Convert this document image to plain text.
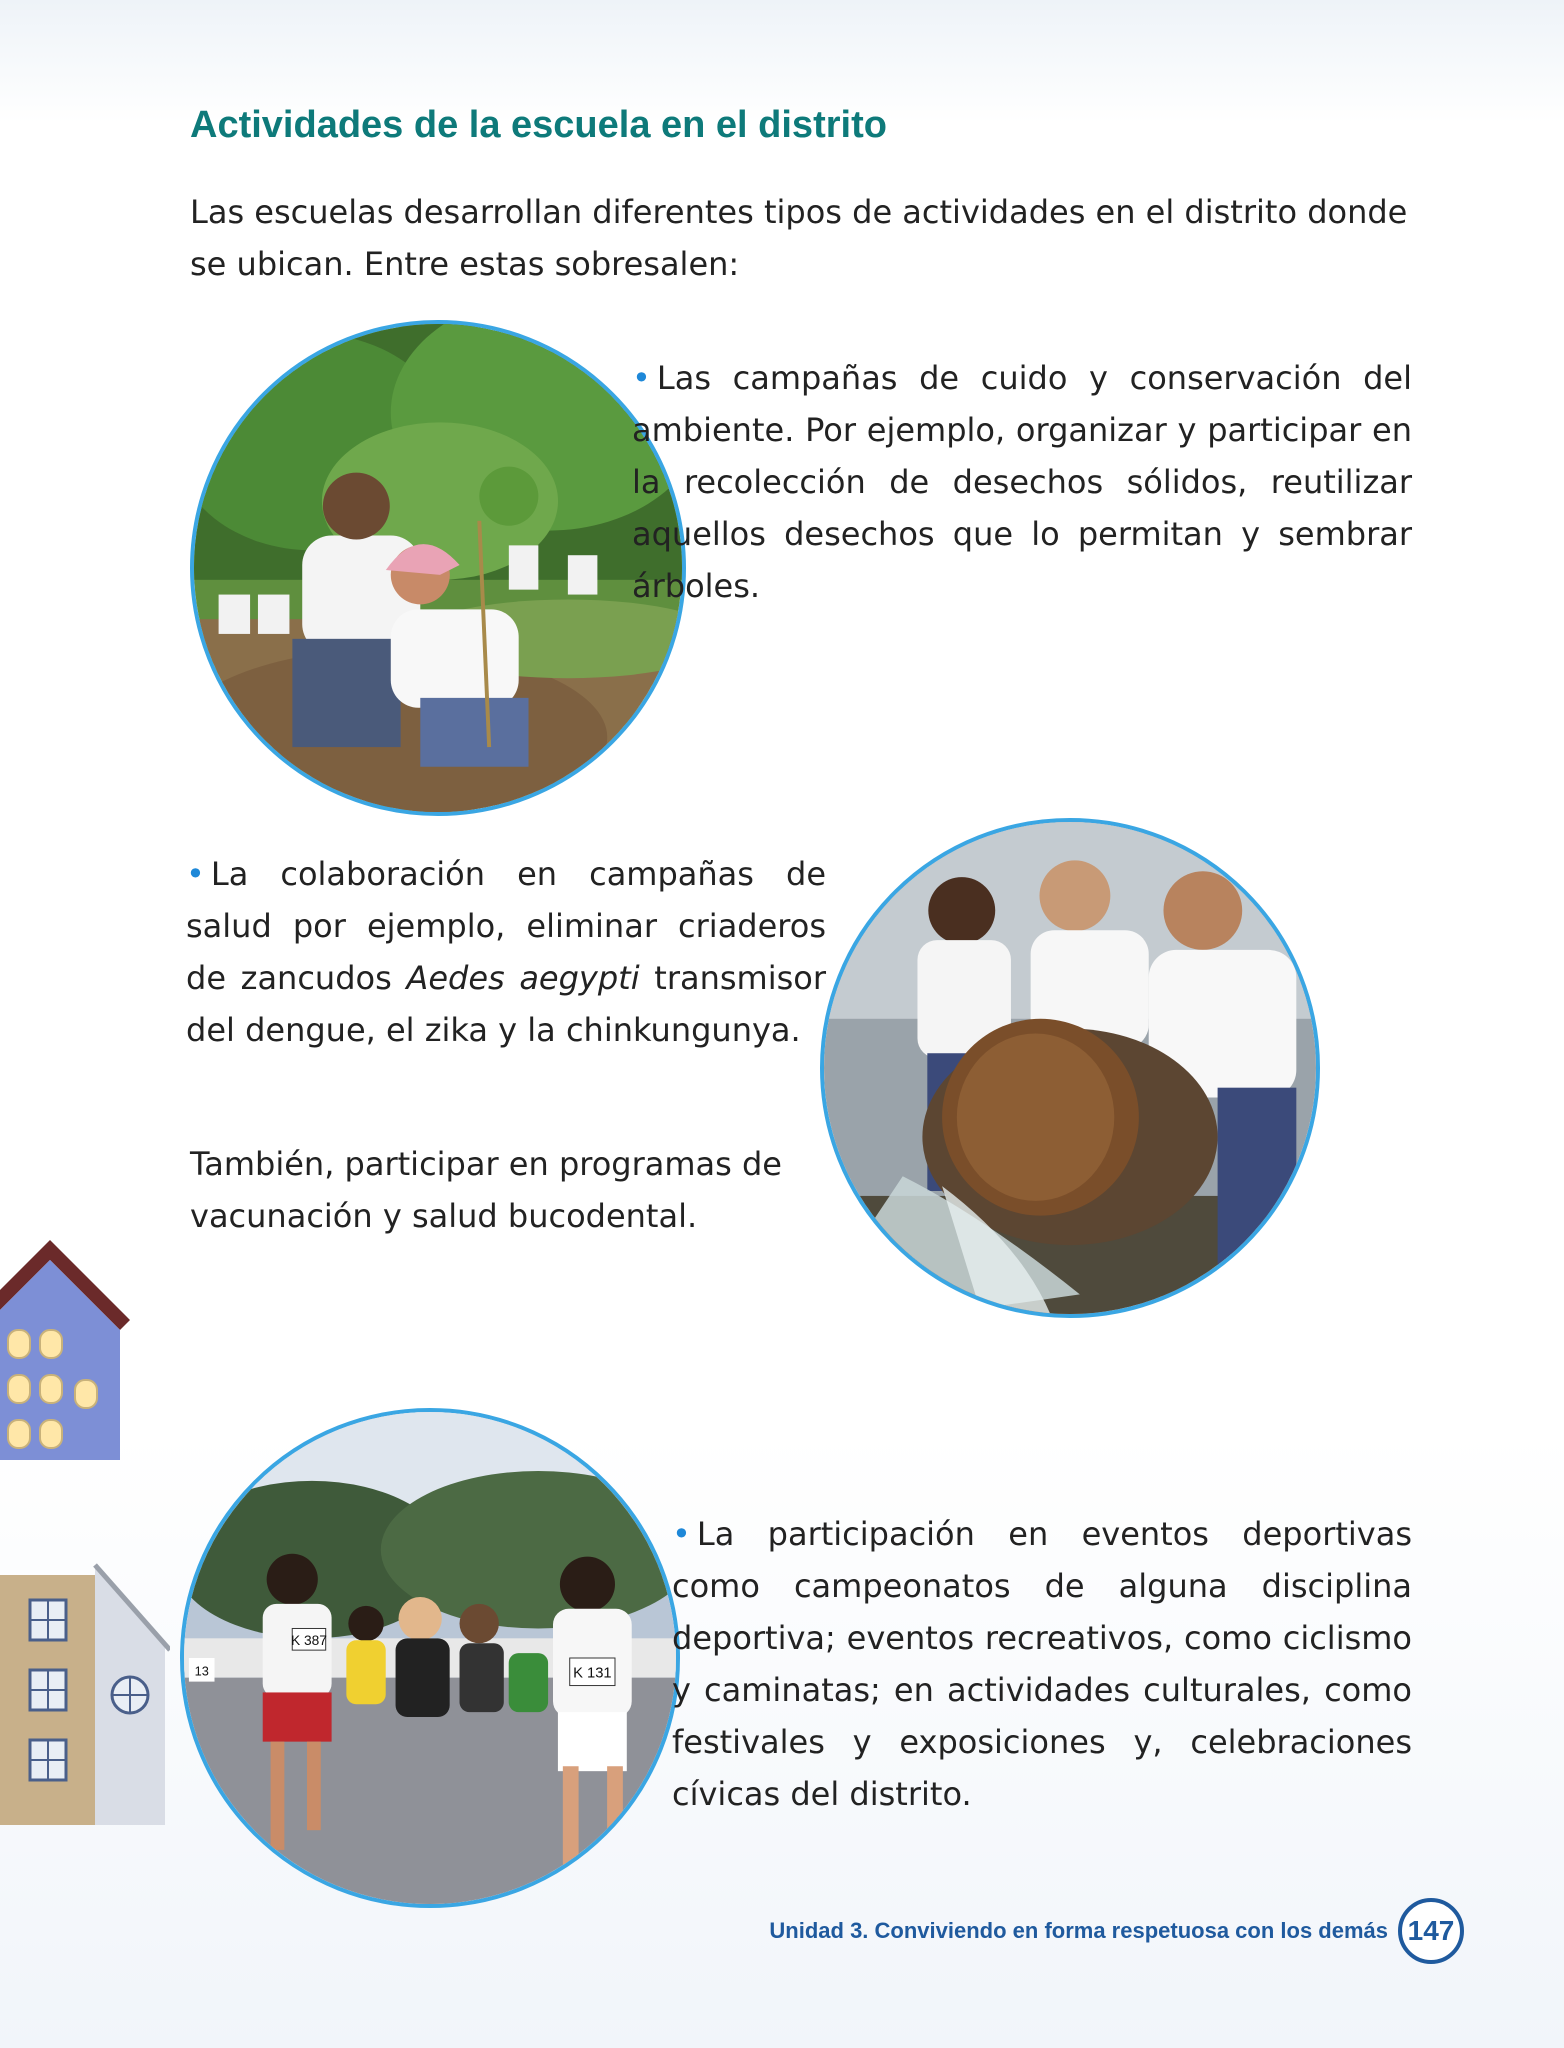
Actividades de la escuela en el distrito

Las escuelas desarrollan diferentes tipos de actividades en el distrito donde se ubican. Entre estas sobresalen:

• Las campañas de cuido y conservación del ambiente. Por ejemplo, organizar y participar en la recolección de desechos sólidos, reutilizar aquellos desechos que lo permitan y sembrar árboles.

• La colaboración en campañas de salud por ejemplo, eliminar criaderos de zancudos Aedes aegypti transmisor del dengue, el zika y la chinkungunya.

También, participar en programas de vacunación y salud bucodental.

K 387
K 131
13

• La participación en eventos deportivas como campeonatos de alguna disciplina deportiva; eventos recreativos, como ciclismo y caminatas; en actividades culturales, como festivales y exposiciones y, celebraciones cívicas del distrito.

Unidad 3. Conviviendo en forma respetuosa con los demás 147
